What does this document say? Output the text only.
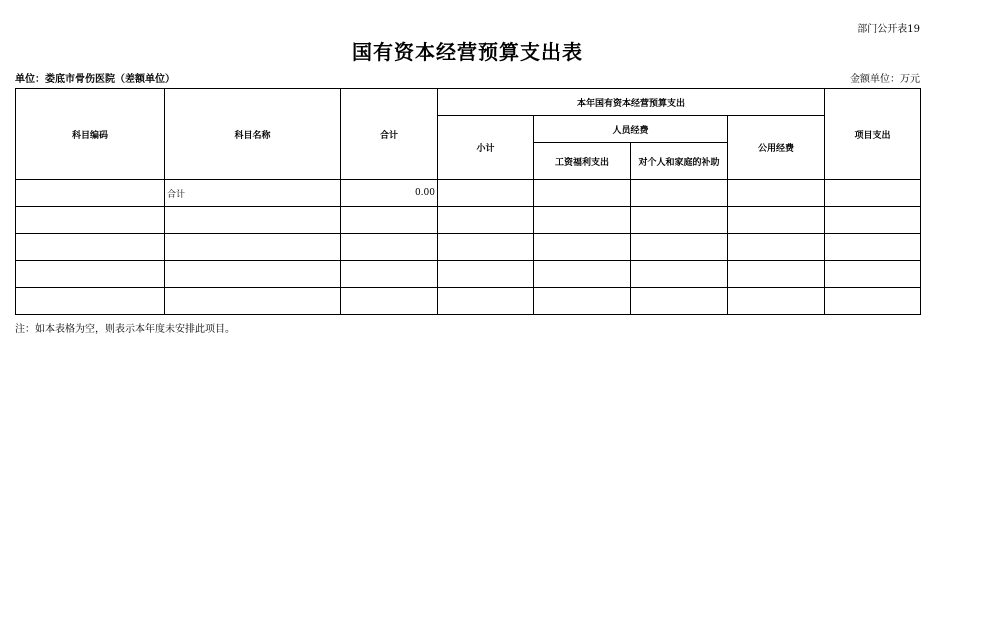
部门公开表19
国有资本经营预算支出表
单位：娄底市骨伤医院（差额单位）	金额单位：万元
科目编码	科目名称	合计	本年国有资本经营预算支出				项目支出
			小计	人员经费		公用经费	
				工资福利支出	对个人和家庭的补助		
	合计	0.00					

注：如本表格为空，则表示本年度未安排此项目。
